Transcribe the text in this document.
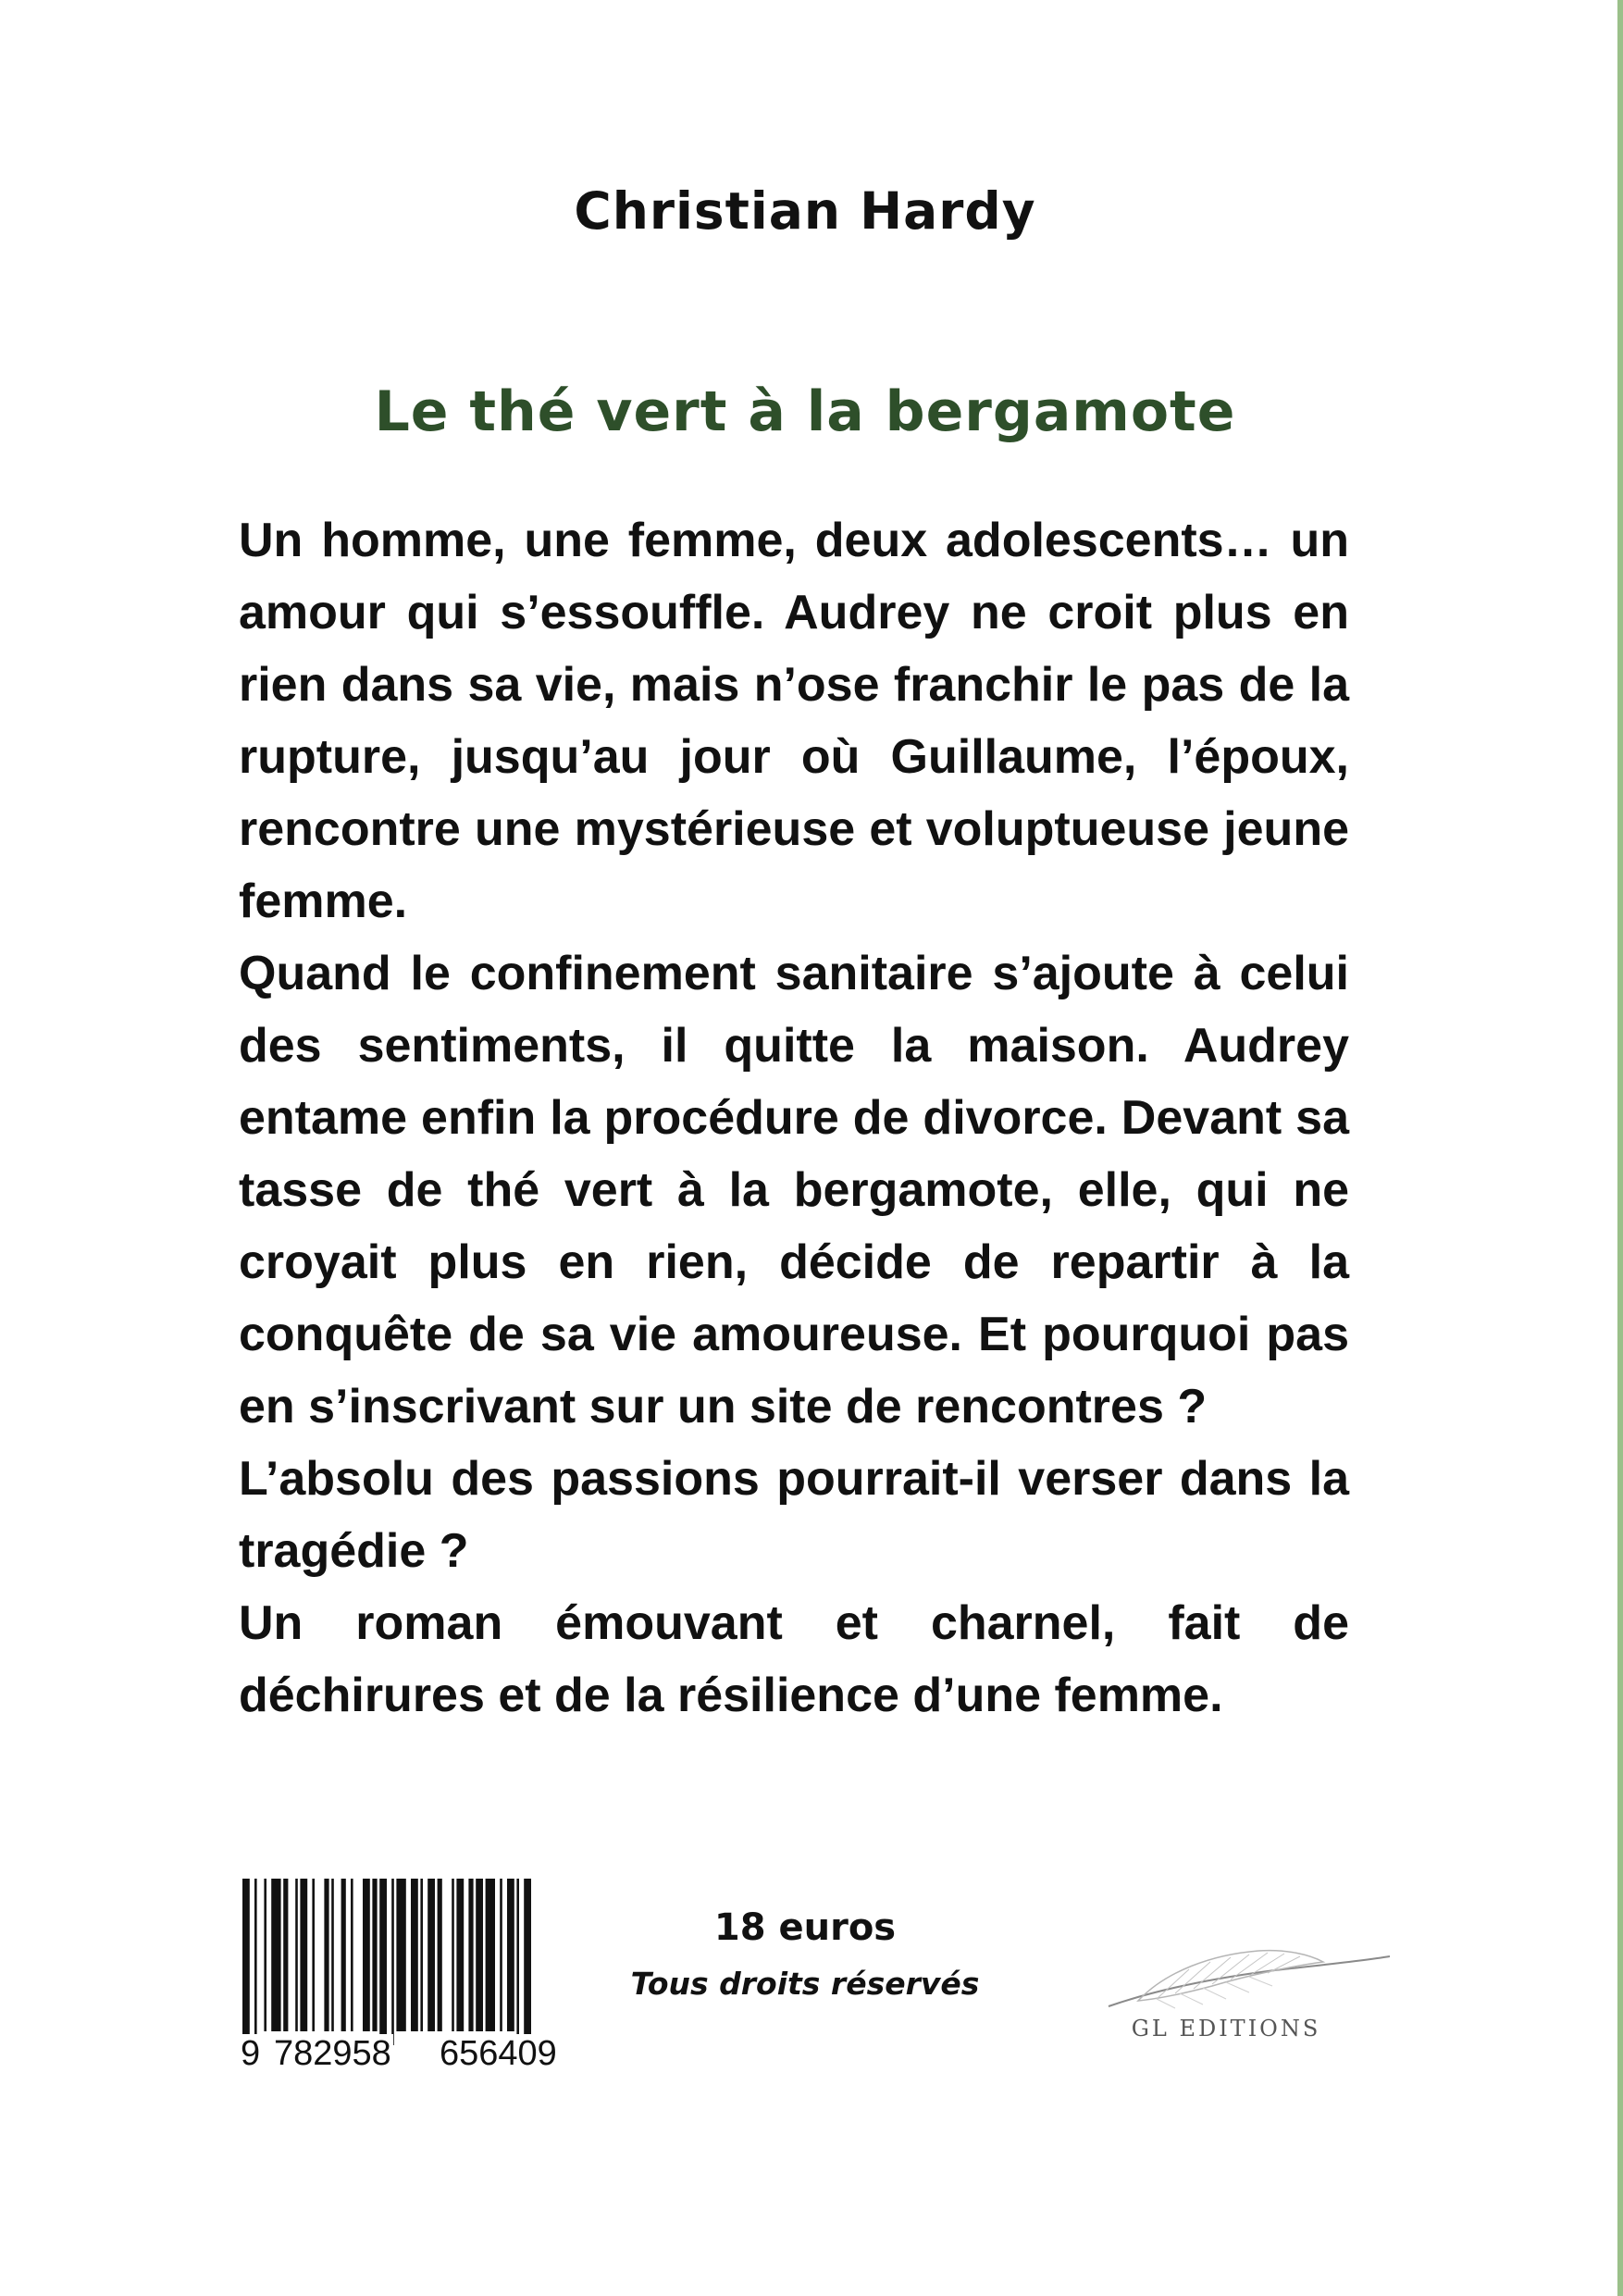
Christian Hardy
Le thé vert à la bergamote

Un homme, une femme, deux adolescents… un amour qui s’essouffle. Audrey ne croit plus en rien dans sa vie, mais n’ose franchir le pas de la rupture, jusqu’au jour où Guillaume, l’époux, rencontre une mystérieuse et voluptueuse jeune femme.

Quand le confinement sanitaire s’ajoute à celui des sentiments, il quitte la maison. Audrey entame enfin la procédure de divorce. Devant sa tasse de thé vert à la bergamote, elle, qui ne croyait plus en rien, décide de repartir à la conquête de sa vie amoureuse. Et pourquoi pas en s’inscrivant sur un site de rencontres ?

L’absolu des passions pourrait-il verser dans la tragédie ?

Un roman émouvant et charnel, fait de déchirures et de la résilience d’une femme.

9 782958 656409
18 euros
Tous droits réservés
GL EDITIONS
